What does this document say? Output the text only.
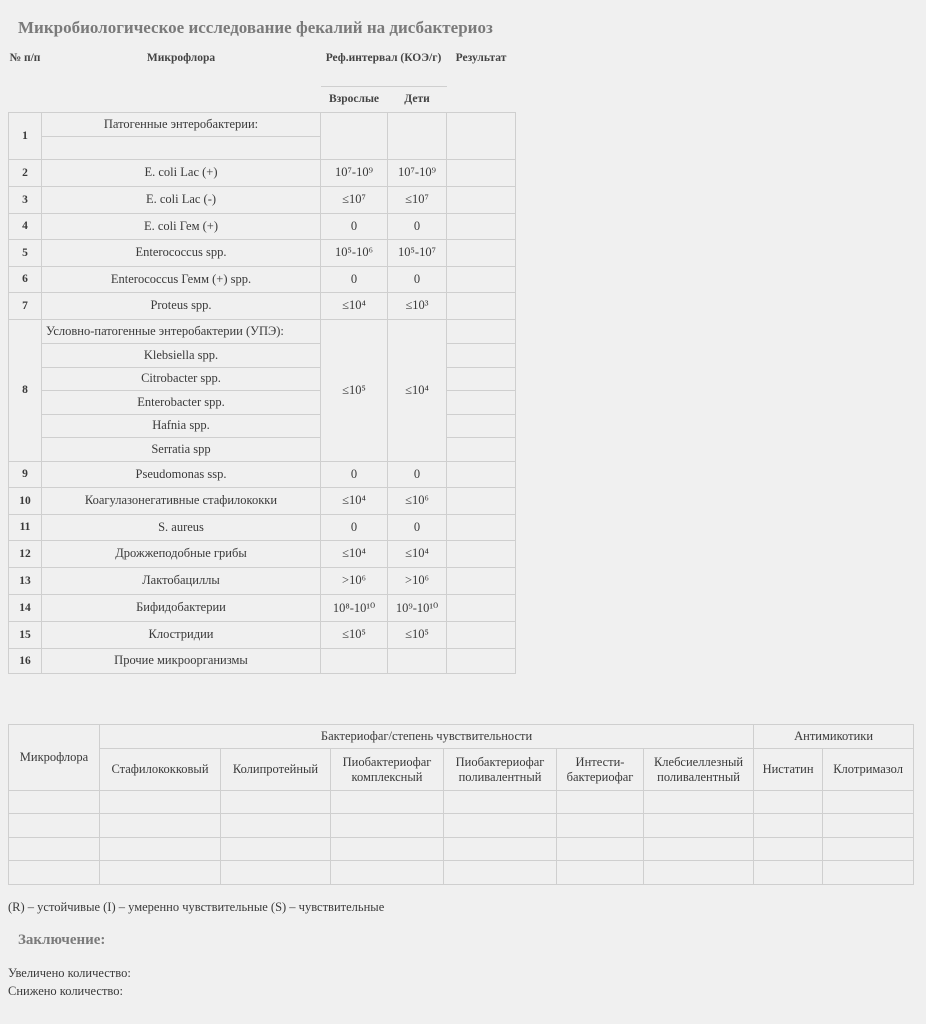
Микробиологическое исследование фекалий на дисбактериоз
№ п/п	Микрофлора	Реф.интервал (КОЭ/г)		Результат
		Взрослые	Дети	
1	Патогенные энтеробактерии:			

2	E. coli Lac (+)	10⁷-10⁹	10⁷-10⁹	
3	E. coli Lac (-)	≤10⁷	≤10⁷	
4	E. coli Гем (+)	0	0	
5	Enterococcus spp.	10⁵-10⁶	10⁵-10⁷	
6	Enterococcus Гемм (+) spp.	0	0	
7	Proteus spp.	≤10⁴	≤10³	
8	Условно-патогенные энтеробактерии (УПЭ):	≤10⁵	≤10⁴	
	Klebsiella spp.			
	Citrobacter spp.			
	Enterobacter spp.			
	Hafnia spp.			
	Serratia spp			
9	Pseudomonas ssp.	0	0	
10	Коагулазонегативные стафилококки	≤10⁴	≤10⁶	
11	S. aureus	0	0	
12	Дрожжеподобные грибы	≤10⁴	≤10⁴	
13	Лактобациллы	>10⁶	>10⁶	
14	Бифидобактерии	10⁸-10¹⁰	10⁹-10¹⁰	
15	Клостридии	≤10⁵	≤10⁵	
16	Прочие микроорганизмы			
Микрофлора	Бактериофаг/степень чувствительности						Антимикотики	
	Стафилококковый	Колипротейный	Пиобактериофаг комплексный	Пиобактериофаг поливалентный	Интести-бактериофаг	Клебсиеллезный поливалентный	Нистатин	Клотримазол

(R) – устойчивые (I) – умеренно чувствительные (S) – чувствительные
Заключение:
Увеличено количество:
Снижено количество:
